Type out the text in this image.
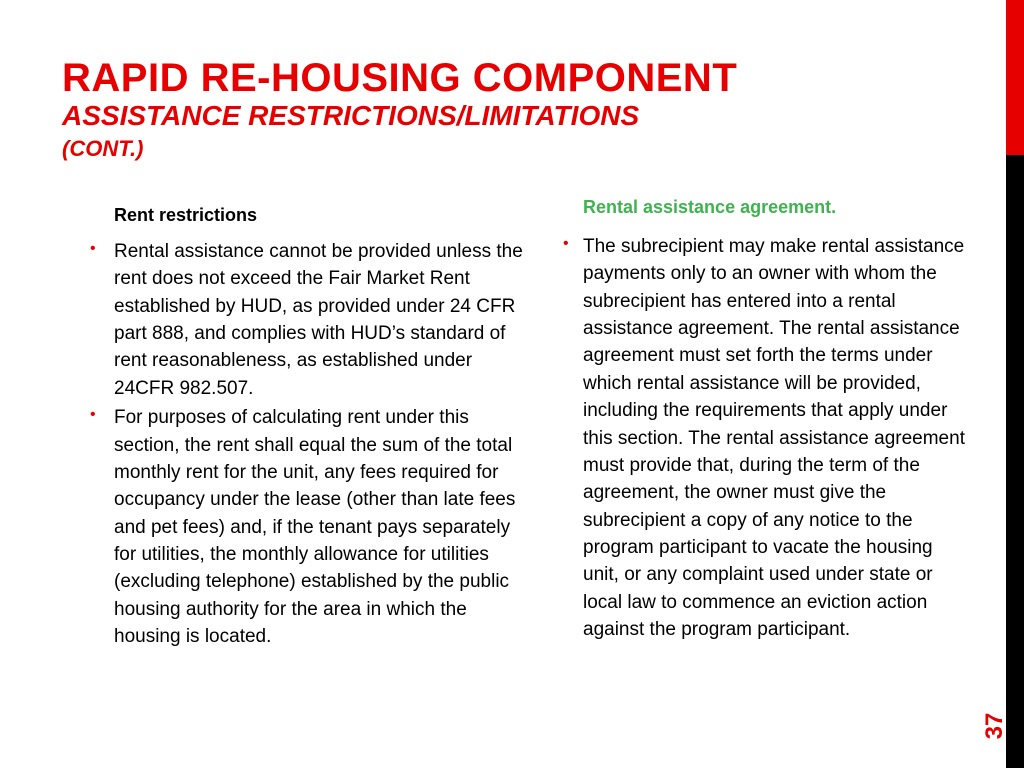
RAPID RE-HOUSING COMPONENT
ASSISTANCE RESTRICTIONS/LIMITATIONS
(CONT.)
Rent restrictions
• Rental assistance cannot be provided unless the rent does not exceed the Fair Market Rent established by HUD, as provided under 24 CFR part 888, and complies with HUD’s standard of rent reasonableness, as established under 24CFR 982.507.
• For purposes of calculating rent under this section, the rent shall equal the sum of the total monthly rent for the unit, any fees required for occupancy under the lease (other than late fees and pet fees) and, if the tenant pays separately for utilities, the monthly allowance for utilities (excluding telephone) established by the public housing authority for the area in which the housing is located.
Rental assistance agreement.
• The subrecipient may make rental assistance payments only to an owner with whom the subrecipient has entered into a rental assistance agreement. The rental assistance agreement must set forth the terms under which rental assistance will be provided, including the requirements that apply under this section. The rental assistance agreement must provide that, during the term of the agreement, the owner must give the subrecipient a copy of any notice to the program participant to vacate the housing unit, or any complaint used under state or local law to commence an eviction action against the program participant.
37
